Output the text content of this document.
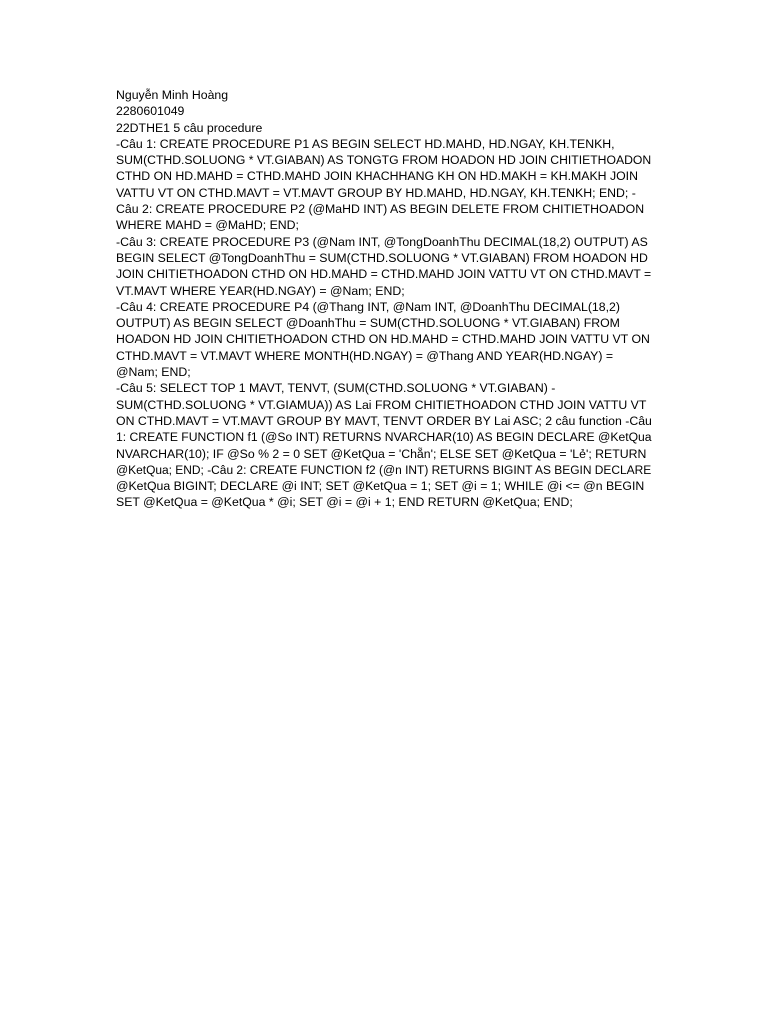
Nguyễn Minh Hoàng

2280601049

22DTHE1 5 câu procedure

-Câu 1: CREATE PROCEDURE P1 AS BEGIN SELECT HD.MAHD, HD.NGAY, KH.TENKH,

SUM(CTHD.SOLUONG * VT.GIABAN) AS TONGTG FROM HOADON HD JOIN CHITIETHOADON

CTHD ON HD.MAHD = CTHD.MAHD JOIN KHACHHANG KH ON HD.MAKH = KH.MAKH JOIN

VATTU VT ON CTHD.MAVT = VT.MAVT GROUP BY HD.MAHD, HD.NGAY, KH.TENKH; END; -

Câu 2: CREATE PROCEDURE P2 (@MaHD INT) AS BEGIN DELETE FROM CHITIETHOADON

WHERE MAHD = @MaHD; END;

-Câu 3: CREATE PROCEDURE P3 (@Nam INT, @TongDoanhThu DECIMAL(18,2) OUTPUT) AS

BEGIN SELECT @TongDoanhThu = SUM(CTHD.SOLUONG * VT.GIABAN) FROM HOADON HD

JOIN CHITIETHOADON CTHD ON HD.MAHD = CTHD.MAHD JOIN VATTU VT ON CTHD.MAVT =

VT.MAVT WHERE YEAR(HD.NGAY) = @Nam; END;

-Câu 4: CREATE PROCEDURE P4 (@Thang INT, @Nam INT, @DoanhThu DECIMAL(18,2)

OUTPUT) AS BEGIN SELECT @DoanhThu = SUM(CTHD.SOLUONG * VT.GIABAN) FROM

HOADON HD JOIN CHITIETHOADON CTHD ON HD.MAHD = CTHD.MAHD JOIN VATTU VT ON

CTHD.MAVT = VT.MAVT WHERE MONTH(HD.NGAY) = @Thang AND YEAR(HD.NGAY) =

@Nam; END;

-Câu 5: SELECT TOP 1 MAVT, TENVT, (SUM(CTHD.SOLUONG * VT.GIABAN) -

SUM(CTHD.SOLUONG * VT.GIAMUA)) AS Lai FROM CHITIETHOADON CTHD JOIN VATTU VT

ON CTHD.MAVT = VT.MAVT GROUP BY MAVT, TENVT ORDER BY Lai ASC; 2 câu function -Câu

1: CREATE FUNCTION f1 (@So INT) RETURNS NVARCHAR(10) AS BEGIN DECLARE @KetQua

NVARCHAR(10); IF @So % 2 = 0 SET @KetQua = 'Chẵn'; ELSE SET @KetQua = 'Lẻ'; RETURN

@KetQua; END; -Câu 2: CREATE FUNCTION f2 (@n INT) RETURNS BIGINT AS BEGIN DECLARE

@KetQua BIGINT; DECLARE @i INT; SET @KetQua = 1; SET @i = 1; WHILE @i <= @n BEGIN

SET @KetQua = @KetQua * @i; SET @i = @i + 1; END RETURN @KetQua; END;
